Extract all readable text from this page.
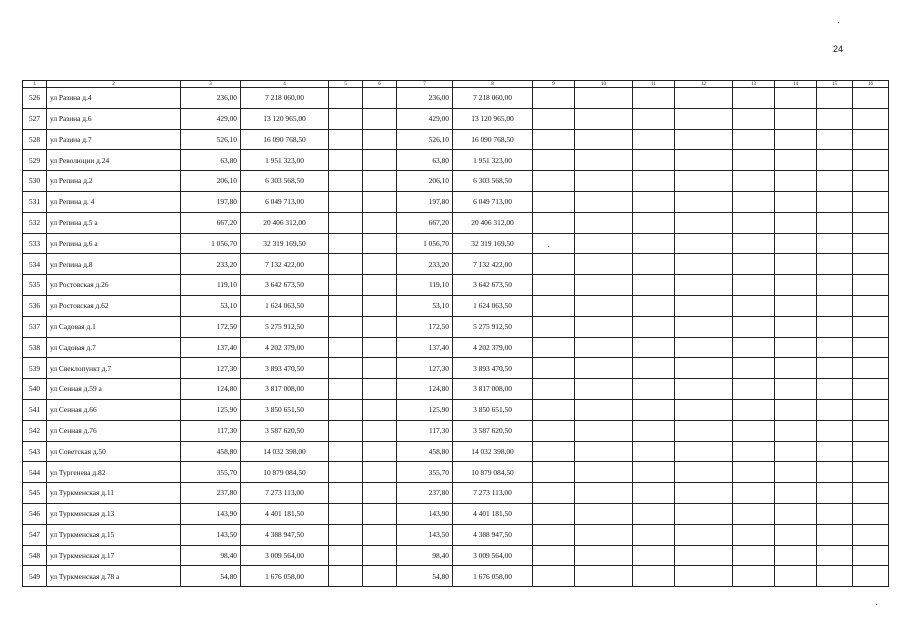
24
1	2	3	4	5	6	7	8	9	10	11	12	13	14	15	16
526	ул Разина д.4	236,00	7 218 060,00			236,00	7 218 060,00								
527	ул Разина д.6	429,00	13 120 965,00			429,00	13 120 965,00								
528	ул Разина д.7	526,10	16 090 768,50			526,10	16 090 768,50								
529	ул Революции д.24	63,80	1 951 323,00			63,80	1 951 323,00								
530	ул Репина д.2	206,10	6 303 568,50			206,10	6 303 568,50								
531	ул Репина д. 4	197,80	6 049 713,00			197,80	6 049 713,00								
532	ул Репина д.5 а	667,20	20 406 312,00			667,20	20 406 312,00								
533	ул Репина д.6 а	1 056,70	32 319 169,50			1 056,70	32 319 169,50								
534	ул Репина д.8	233,20	7 132 422,00			233,20	7 132 422,00								
535	ул Ростовская д.26	119,10	3 642 673,50			119,10	3 642 673,50								
536	ул Ростовская д.62	53,10	1 624 063,50			53,10	1 624 063,50								
537	ул Садовая д.1	172,50	5 275 912,50			172,50	5 275 912,50								
538	ул Садовая д.7	137,40	4 202 379,00			137,40	4 202 379,00								
539	ул Свеклопункт д.7	127,30	3 893 470,50			127,30	3 893 470,50								
540	ул Сенная д.59 а	124,80	3 817 008,00			124,80	3 817 008,00								
541	ул Сенная д.66	125,90	3 850 651,50			125,90	3 850 651,50								
542	ул Сенная д.76	117,30	3 587 620,50			117,30	3 587 620,50								
543	ул Советская д.50	458,80	14 032 398,00			458,80	14 032 398,00								
544	ул Тургенева д.82	355,70	10 879 084,50			355,70	10 879 084,50								
545	ул Туркменская д.11	237,80	7 273 113,00			237,80	7 273 113,00								
546	ул Туркменская д.13	143,90	4 401 181,50			143,90	4 401 181,50								
547	ул Туркменская д.15	143,50	4 388 947,50			143,50	4 388 947,50								
548	ул Туркменская д.17	98,40	3 009 564,00			98,40	3 009 564,00								
549	ул Туркменская д.78 а	54,80	1 676 058,00			54,80	1 676 058,00								
